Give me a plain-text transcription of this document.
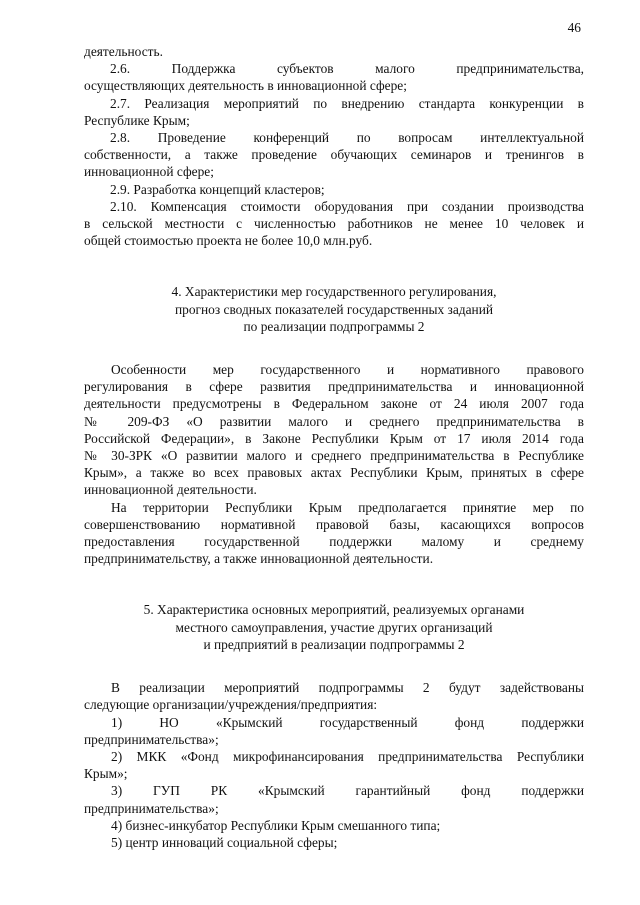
46

деятельность.

2.6. Поддержка субъектов малого предпринимательства,

осуществляющих деятельность в инновационной сфере;

2.7. Реализация мероприятий по внедрению стандарта конкуренции в

Республике Крым;

2.8. Проведение конференций по вопросам интеллектуальной

собственности, а также проведение обучающих семинаров и тренингов в

инновационной сфере;

2.9. Разработка концепций кластеров;

2.10. Компенсация стоимости оборудования при создании производства

в сельской местности с численностью работников не менее 10 человек и

общей стоимостью проекта не более 10,0 млн.руб.

4. Характеристики мер государственного регулирования,

прогноз сводных показателей государственных заданий

по реализации подпрограммы 2

Особенности мер государственного и нормативного правового

регулирования в сфере развития предпринимательства и инновационной

деятельности предусмотрены в Федеральном законе от 24 июля 2007 года

№ 209-ФЗ «О развитии малого и среднего предпринимательства в

Российской Федерации», в Законе Республики Крым от 17 июля 2014 года

№ 30-ЗРК «О развитии малого и среднего предпринимательства в Республике

Крым», а также во всех правовых актах Республики Крым, принятых в сфере

инновационной деятельности.

На территории Республики Крым предполагается принятие мер по

совершенствованию нормативной правовой базы, касающихся вопросов

предоставления государственной поддержки малому и среднему

предпринимательству, а также инновационной деятельности.

5. Характеристика основных мероприятий, реализуемых органами

местного самоуправления, участие других организаций

и предприятий в реализации подпрограммы 2

В реализации мероприятий подпрограммы 2 будут задействованы

следующие организации/учреждения/предприятия:

1) НО «Крымский государственный фонд поддержки

предпринимательства»;

2) МКК «Фонд микрофинансирования предпринимательства Республики

Крым»;

3) ГУП РК «Крымский гарантийный фонд поддержки

предпринимательства»;

4) бизнес-инкубатор Республики Крым смешанного типа;

5) центр инноваций социальной сферы;
